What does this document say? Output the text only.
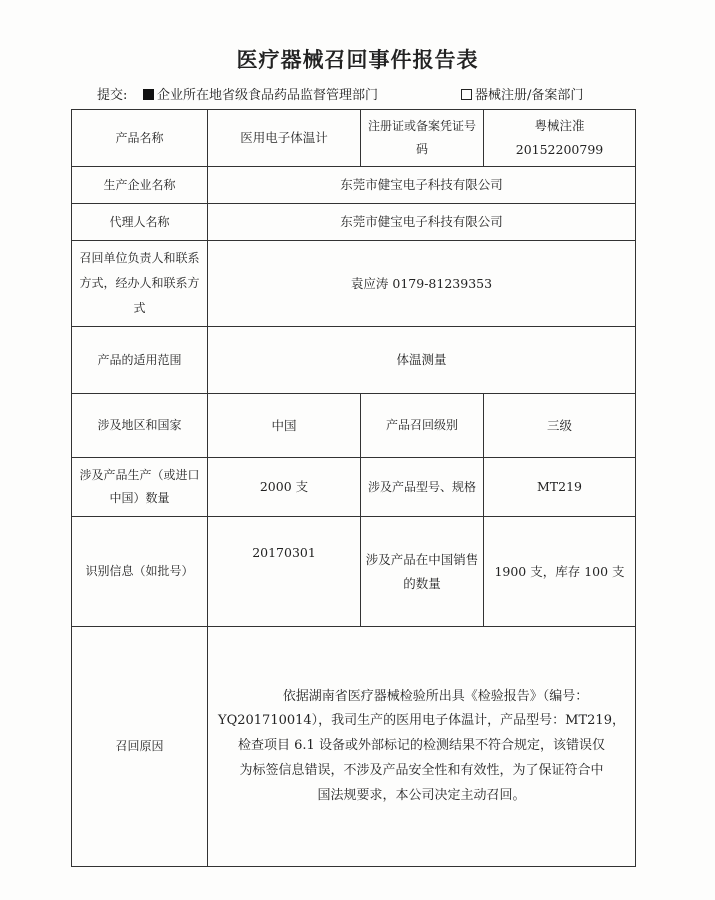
医疗器械召回事件报告表
提交:	企业所在地省级食品药品监督管理部门	器械注册/备案部门
产品名称	医用电子体温计	注册证或备案凭证号码	粤械注准
20152200799

生产企业名称	东莞市健宝电子科技有限公司		
代理人名称	东莞市健宝电子科技有限公司		
召回单位负责人和联系方式，经办人和联系方式	袁应涛 0179-81239353		
产品的适用范围	体温测量		
涉及地区和国家	中国	产品召回级别	三级
涉及产品生产（或进口中国）数量	2000 支	涉及产品型号、规格	MT219
识别信息（如批号）	20170301	涉及产品在中国销售的数量	1900 支，库存 100 支
召回原因	依据湖南省医疗器械检验所出具《检验报告》（编号：
YQ201710014），我司生产的医用电子体温计，产品型号：MT219，
检查项目 6.1 设备或外部标记的检测结果不符合规定，该错误仅
为标签信息错误，不涉及产品安全性和有效性，为了保证符合中

国法规要求，本公司决定主动召回。		
